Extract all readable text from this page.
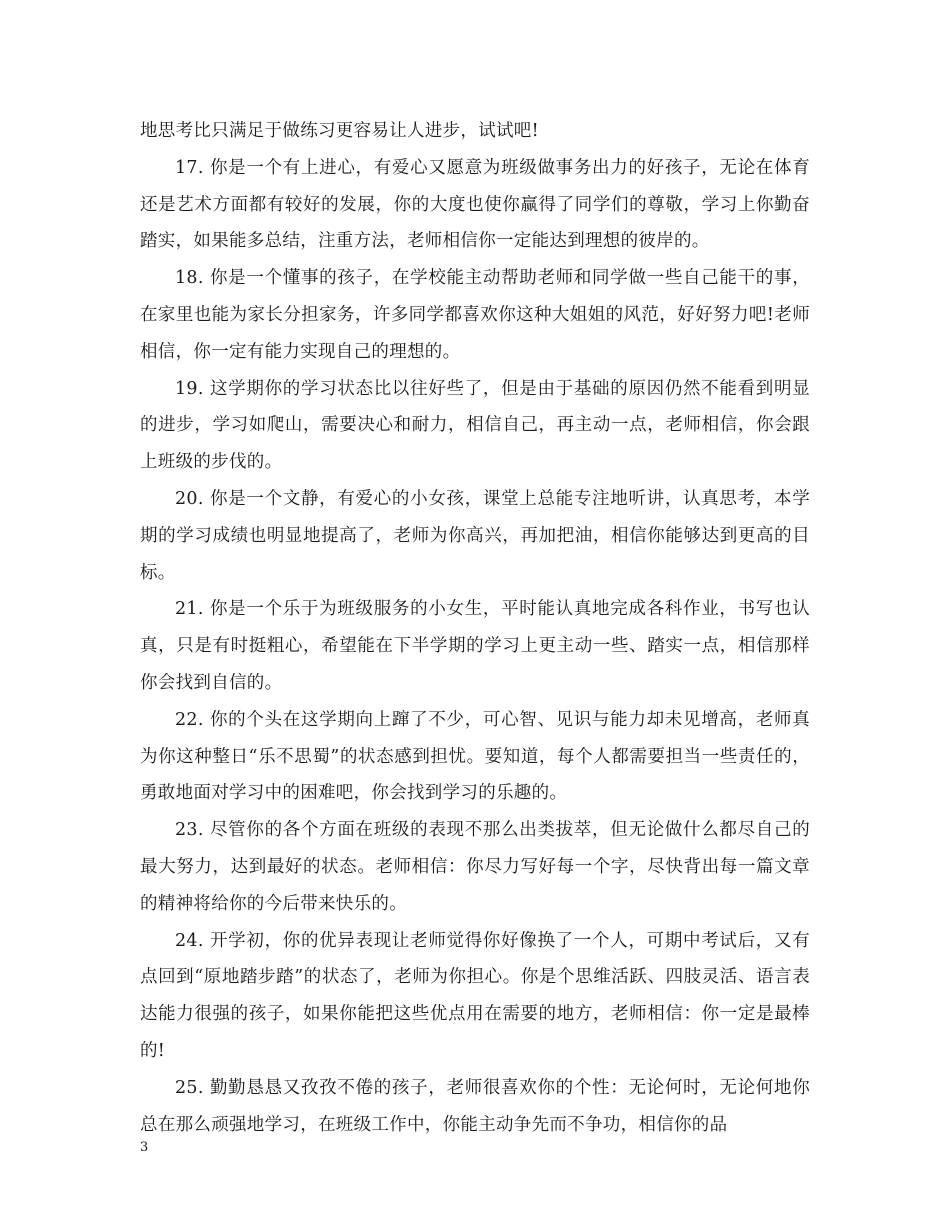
地思考比只满足于做练习更容易让人进步，试试吧!

17. 你是一个有上进心，有爱心又愿意为班级做事务出力的好孩子，无论在体育还是艺术方面都有较好的发展，你的大度也使你赢得了同学们的尊敬，学习上你勤奋踏实，如果能多总结，注重方法，老师相信你一定能达到理想的彼岸的。

18. 你是一个懂事的孩子，在学校能主动帮助老师和同学做一些自己能干的事，在家里也能为家长分担家务，许多同学都喜欢你这种大姐姐的风范，好好努力吧!老师相信，你一定有能力实现自己的理想的。

19. 这学期你的学习状态比以往好些了，但是由于基础的原因仍然不能看到明显的进步，学习如爬山，需要决心和耐力，相信自己，再主动一点，老师相信，你会跟上班级的步伐的。

20. 你是一个文静，有爱心的小女孩，课堂上总能专注地听讲，认真思考，本学期的学习成绩也明显地提高了，老师为你高兴，再加把油，相信你能够达到更高的目标。

21. 你是一个乐于为班级服务的小女生，平时能认真地完成各科作业，书写也认真，只是有时挺粗心，希望能在下半学期的学习上更主动一些、踏实一点，相信那样你会找到自信的。

22. 你的个头在这学期向上蹿了不少，可心智、见识与能力却未见增高，老师真为你这种整日“乐不思蜀”的状态感到担忧。要知道，每个人都需要担当一些责任的，勇敢地面对学习中的困难吧，你会找到学习的乐趣的。

23. 尽管你的各个方面在班级的表现不那么出类拔萃，但无论做什么都尽自己的最大努力，达到最好的状态。老师相信：你尽力写好每一个字，尽快背出每一篇文章的精神将给你的今后带来快乐的。

24. 开学初，你的优异表现让老师觉得你好像换了一个人，可期中考试后，又有点回到“原地踏步踏”的状态了，老师为你担心。你是个思维活跃、四肢灵活、语言表达能力很强的孩子，如果你能把这些优点用在需要的地方，老师相信：你一定是最棒的!

25. 勤勤恳恳又孜孜不倦的孩子，老师很喜欢你的个性：无论何时，无论何地你总在那么顽强地学习，在班级工作中，你能主动争先而不争功，相信你的品

3
